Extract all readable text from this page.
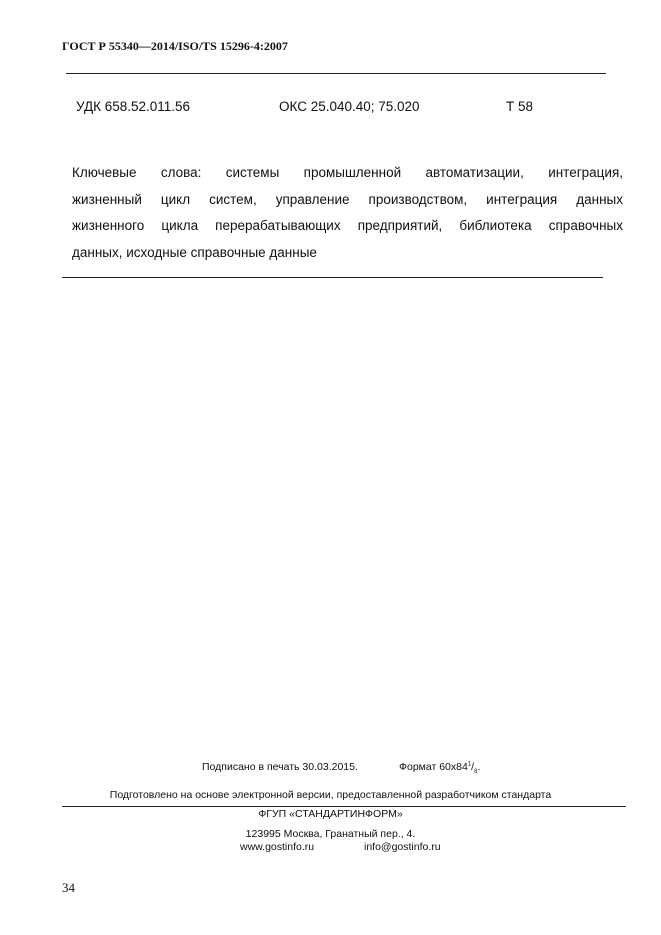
ГОСТ Р 55340—2014/ISO/TS 15296-4:2007
УДК 658.52.011.56	ОКС 25.040.40; 75.020	Т 58
Ключевые слова: системы промышленной автоматизации, интеграция,
жизненный цикл систем, управление производством, интеграция данных
жизненного цикла перерабатывающих предприятий, библиотека справочных
данных, исходные справочные данные
Подписано в печать 30.03.2015.	Формат $60х84^1/_8$.
Подготовлено на основе электронной версии, предоставленной разработчиком стандарта
ФГУП «СТАНДАРТИНФОРМ»
123995 Москва, Гранатный пер., 4.
www.gostinfo.ru	info@gostinfo.ru
34
